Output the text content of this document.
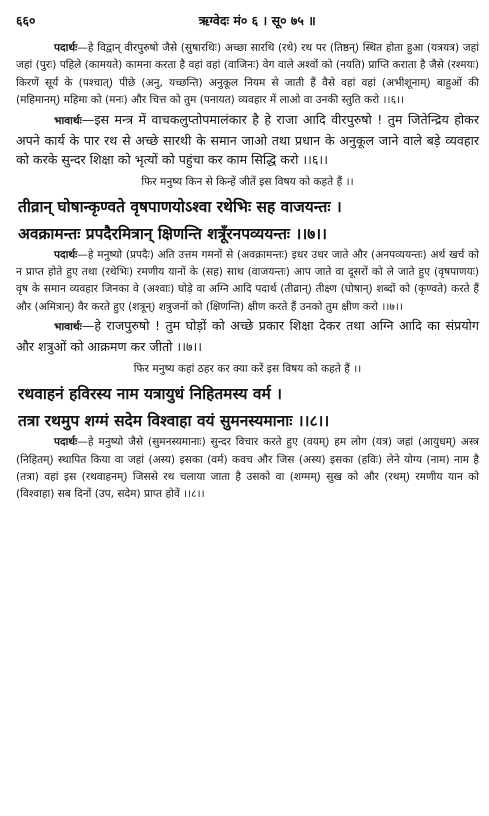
६६०	ऋग्वेदः मं० ६ । सू० ७५ ॥

पदार्थः—हे विद्वान् वीरपुरुषो जैसे (सुषारथिः) अच्छा सारथि (रथे) रथ पर (तिष्ठन्) स्थित होता हुआ (यत्रयत्र) जहां जहां (पुरः) पहिले (कामयते) कामना करता है वहां वहां (वाजिनः) वेग वाले अश्वों को (नयति) प्राप्ति कराता है जैसे (रश्मयः) किरणें सूर्य के (पश्चात्) पीछे (अनु, यच्छन्ति) अनुकूल नियम से जाती हैं वैसे वहां वहां (अभीशूनाम्) बाहुओं की (महिमानम्) महिमा को (मनः) और चित्त को तुम (पनायत) व्यवहार में लाओ वा उनकी स्तुति करो ।।६।।

भावार्थः—इस मन्त्र में वाचकलुप्तोपमालंकार है हे राजा आदि वीरपुरुषो ! तुम जितेन्द्रिय होकर अपने कार्य के पार रथ से अच्छे सारथी के समान जाओ तथा प्रधान के अनुकूल जाने वाले बड़े व्यवहार को करके सुन्दर शिक्षा को भृत्यों को पहुंचा कर काम सिद्धि करो ।।६।।

फिर मनुष्य किन से किन्हें जीतें इस विषय को कहते हैं ।।
तीव्रान् घोषान्कृण्वते वृषपाणयोऽश्वा रथेभिः सह वाजयन्तः ।
अवक्रामन्तः प्रपदैरमित्रान् क्षिणन्ति शत्रूँरनपव्ययन्तः ।।७।।

पदार्थः—हे मनुष्यो (प्रपदैः) अति उत्तम गमनों से (अवक्रामन्तः) इधर उधर जाते और (अनपव्ययन्तः) अर्थ खर्च को न प्राप्त होते हुए तथा (रथेभिः) रमणीय यानों के (सह) साथ (वाजयन्तः) आप जाते वा दूसरों को ले जाते हुए (वृषपाणयः) वृष के समान व्यवहार जिनका वे (अश्वाः) घोड़े वा अग्नि आदि पदार्थ (तीव्रान्) तीक्ष्ण (घोषान्) शब्दों को (कृण्वते) करते हैं और (अमित्रान्) वैर करते हुए (शत्रून्) शत्रुजनों को (क्षिणन्ति) क्षीण करते हैं उनको तुम क्षीण करो ।।७।।

भावार्थः—हे राजपुरुषो ! तुम घोड़ों को अच्छे प्रकार शिक्षा देकर तथा अग्नि आदि का संप्रयोग और शत्रुओं को आक्रमण कर जीतो ।।७।।

फिर मनुष्य कहां ठहर कर क्या करें इस विषय को कहते हैं ।।
रथवाहनं हविरस्य नाम यत्रायुधं निहितमस्य वर्म ।
तत्रा रथमुप शग्मं सदेम विश्वाहा वयं सुमनस्यमानाः ।।८।।

पदार्थः—हे मनुष्यो जैसे (सुमनस्यमानाः) सुन्दर विचार करते हुए (वयम्) हम लोग (यत्र) जहां (आयुधम्) अस्त्र (निहितम्) स्थापित किया वा जहां (अस्य) इसका (वर्म) कवच और जिस (अस्य) इसका (हविः) लेने योग्य (नाम) नाम है (तत्रा) वहां इस (रथवाहनम्) जिससे रथ चलाया जाता है उसको वा (शग्मम्) सुख को और (रथम्) रमणीय यान को (विश्वाहा) सब दिनों (उप, सदेम) प्राप्त होवें ।।८।।
